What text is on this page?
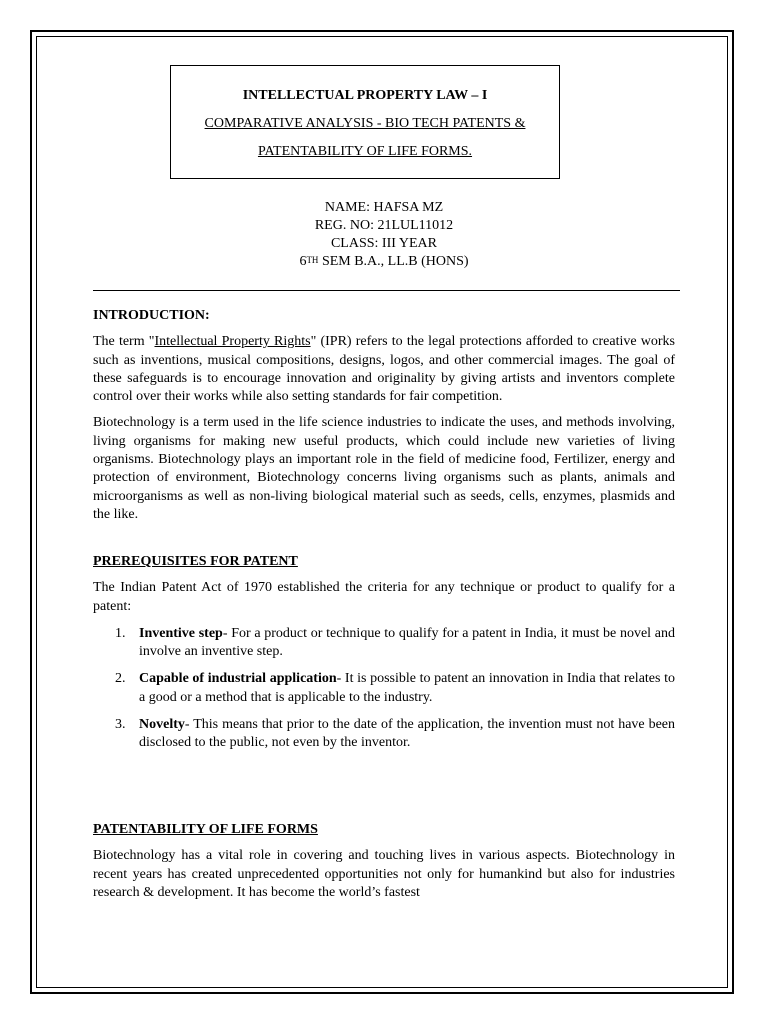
INTELLECTUAL PROPERTY LAW – I
COMPARATIVE ANALYSIS - BIO TECH PATENTS &
PATENTABILITY OF LIFE FORMS.
NAME: HAFSA MZ
REG. NO: 21LUL11012
CLASS: III YEAR
6TH SEM B.A., LL.B (HONS)

INTRODUCTION:

The term "Intellectual Property Rights" (IPR) refers to the legal protections afforded to creative works such as inventions, musical compositions, designs, logos, and other commercial images. The goal of these safeguards is to encourage innovation and originality by giving artists and inventors complete control over their works while also setting standards for fair competition.

Biotechnology is a term used in the life science industries to indicate the uses, and methods involving, living organisms for making new useful products, which could include new varieties of living organisms. Biotechnology plays an important role in the field of medicine food, Fertilizer, energy and protection of environment, Biotechnology concerns living organisms such as plants, animals and microorganisms as well as non-living biological material such as seeds, cells, enzymes, plasmids and the like.

PREREQUISITES FOR PATENT

The Indian Patent Act of 1970 established the criteria for any technique or product to qualify for a patent:

1. Inventive step- For a product or technique to qualify for a patent in India, it must be novel and involve an inventive step.
2. Capable of industrial application- It is possible to patent an innovation in India that relates to a good or a method that is applicable to the industry.
3. Novelty- This means that prior to the date of the application, the invention must not have been disclosed to the public, not even by the inventor.

PATENTABILITY OF LIFE FORMS

Biotechnology has a vital role in covering and touching lives in various aspects. Biotechnology in recent years has created unprecedented opportunities not only for humankind but also for industries research & development. It has become the world’s fastest
